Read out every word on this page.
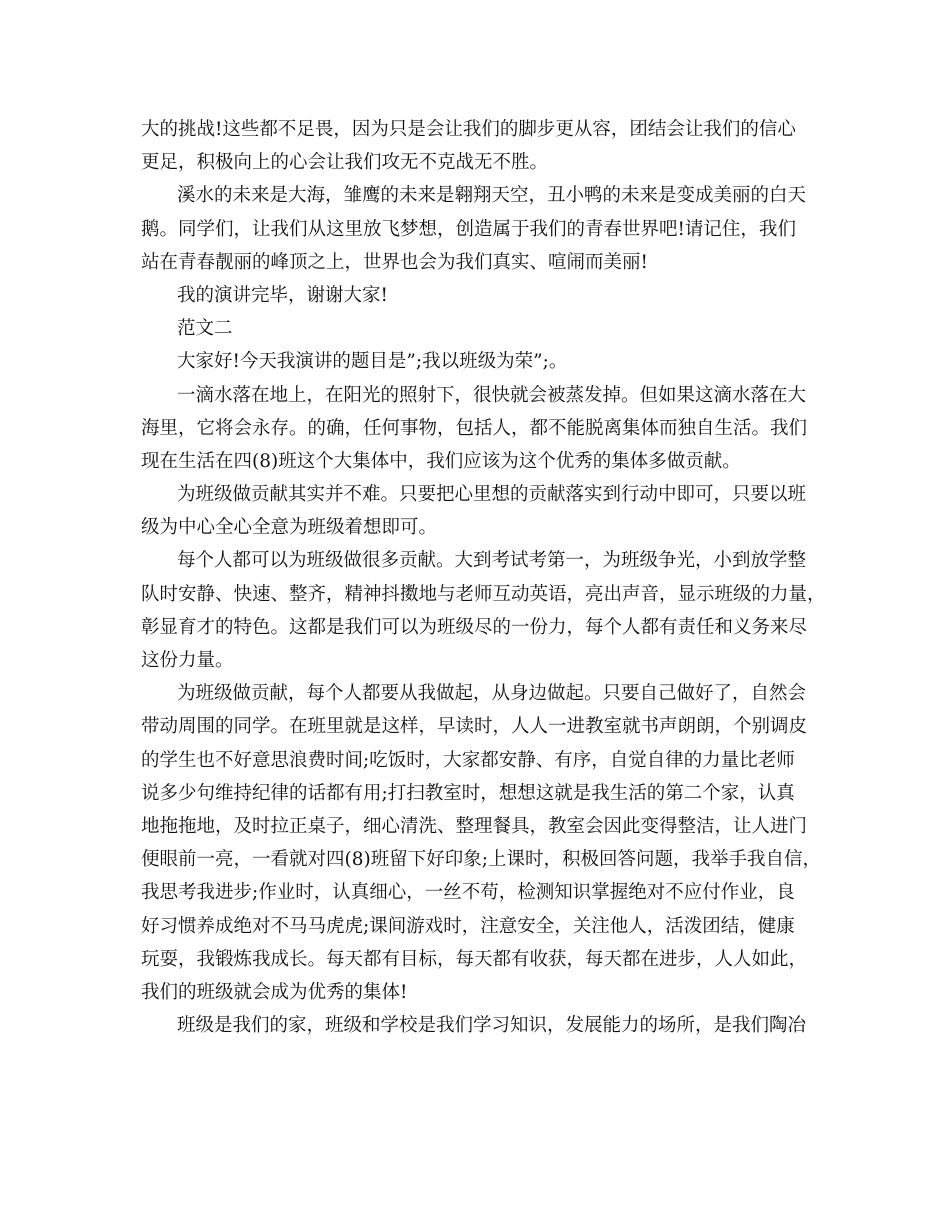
大的挑战!这些都不足畏，因为只是会让我们的脚步更从容，团结会让我们的信心
更足，积极向上的心会让我们攻无不克战无不胜。
溪水的未来是大海，雏鹰的未来是翱翔天空，丑小鸭的未来是变成美丽的白天
鹅。同学们，让我们从这里放飞梦想，创造属于我们的青春世界吧!请记住，我们
站在青春靓丽的峰顶之上，世界也会为我们真实、喧闹而美丽!
我的演讲完毕，谢谢大家!
范文二
大家好!今天我演讲的题目是”;我以班级为荣”;。
一滴水落在地上，在阳光的照射下，很快就会被蒸发掉。但如果这滴水落在大
海里，它将会永存。的确，任何事物，包括人，都不能脱离集体而独自生活。我们
现在生活在四(8)班这个大集体中，我们应该为这个优秀的集体多做贡献。
为班级做贡献其实并不难。只要把心里想的贡献落实到行动中即可，只要以班
级为中心全心全意为班级着想即可。
每个人都可以为班级做很多贡献。大到考试考第一，为班级争光，小到放学整
队时安静、快速、整齐，精神抖擞地与老师互动英语，亮出声音，显示班级的力量，
彰显育才的特色。这都是我们可以为班级尽的一份力，每个人都有责任和义务来尽
这份力量。
为班级做贡献，每个人都要从我做起，从身边做起。只要自己做好了，自然会
带动周围的同学。在班里就是这样，早读时，人人一进教室就书声朗朗，个别调皮
的学生也不好意思浪费时间;吃饭时，大家都安静、有序，自觉自律的力量比老师
说多少句维持纪律的话都有用;打扫教室时，想想这就是我生活的第二个家，认真
地拖拖地，及时拉正桌子，细心清洗、整理餐具，教室会因此变得整洁，让人进门
便眼前一亮，一看就对四(8)班留下好印象;上课时，积极回答问题，我举手我自信，
我思考我进步;作业时，认真细心，一丝不苟，检测知识掌握绝对不应付作业，良
好习惯养成绝对不马马虎虎;课间游戏时，注意安全，关注他人，活泼团结，健康
玩耍，我锻炼我成长。每天都有目标，每天都有收获，每天都在进步，人人如此，
我们的班级就会成为优秀的集体!
班级是我们的家，班级和学校是我们学习知识，发展能力的场所，是我们陶冶
